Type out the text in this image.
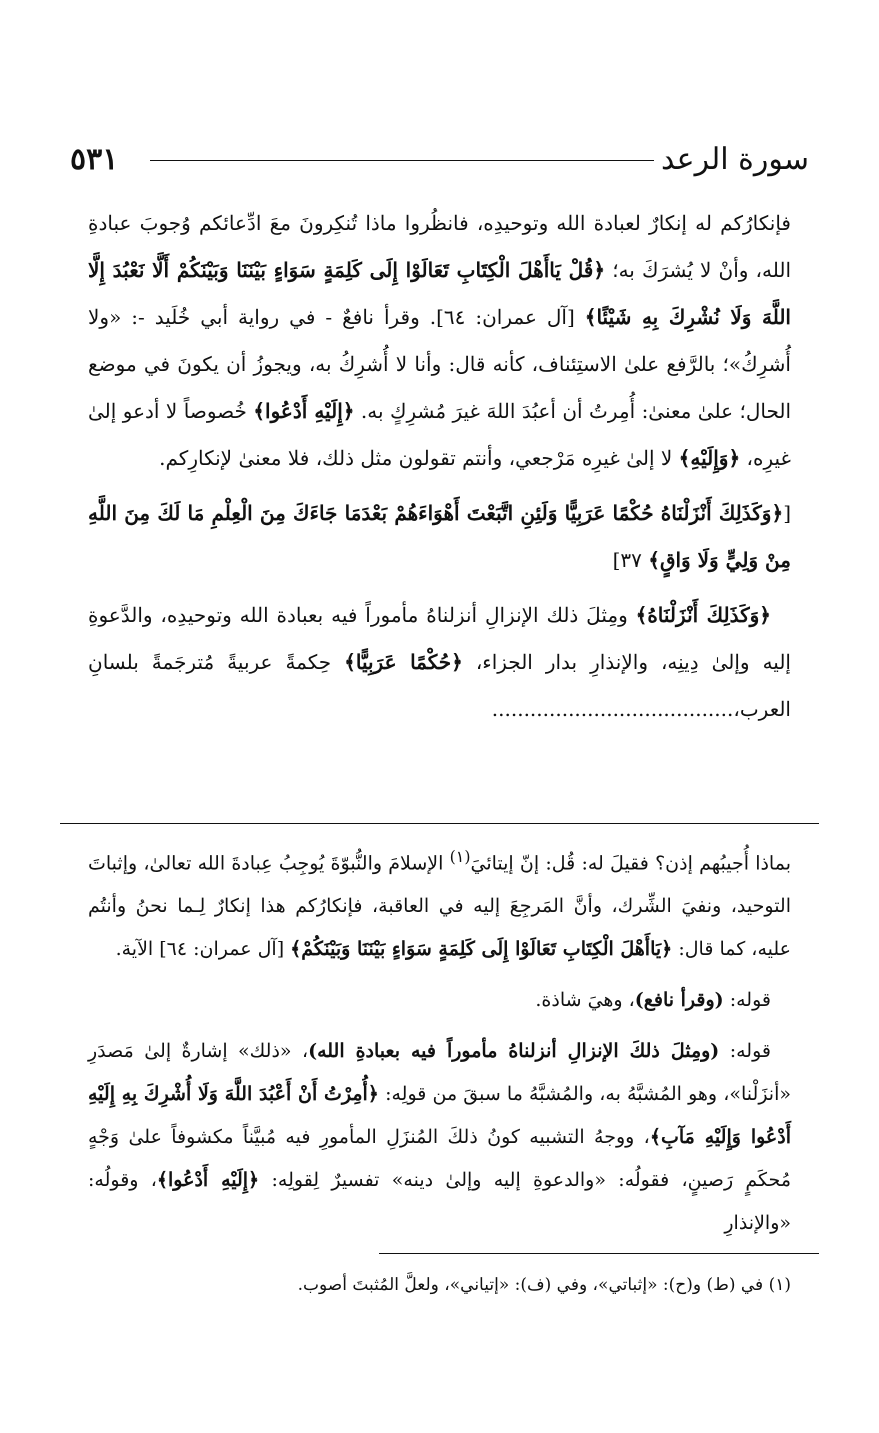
سورة الرعد
٥٣١

فإنكارُكم له إنكارٌ لعبادة الله وتوحيدِه، فانظُروا ماذا تُنكِرونَ معَ ادِّعائكم وُجوبَ عبادةِ الله، وأنْ لا يُشرَكَ به؛ ﴿قُلْ يَاأَهْلَ الْكِتَابِ تَعَالَوْا إِلَى كَلِمَةٍ سَوَاءٍ بَيْنَنَا وَبَيْنَكُمْ أَلَّا نَعْبُدَ إِلَّا اللَّهَ وَلَا نُشْرِكَ بِهِ شَيْئًا﴾ [آل عمران: ٦٤]. وقرأ نافعٌ - في رواية أبي خُلَيد -: «ولا أُشرِكُ»؛ بالرَّفع علىٰ الاستِئناف، كأنه قال: وأنا لا أُشرِكُ به، ويجوزُ أن يكونَ في موضع الحال؛ علىٰ معنىٰ: أُمِرتُ أن أعبُدَ اللهَ غيرَ مُشرِكٍ به. ﴿إِلَيْهِ أَدْعُوا﴾ خُصوصاً لا أدعو إلىٰ غيرِه، ﴿وَإِلَيْهِ﴾ لا إلىٰ غيرِه مَرْجعي، وأنتم تقولون مثل ذلك، فلا معنىٰ لإنكارِكم.

[﴿وَكَذَلِكَ أَنْزَلْنَاهُ حُكْمًا عَرَبِيًّا وَلَئِنِ اتَّبَعْتَ أَهْوَاءَهُمْ بَعْدَمَا جَاءَكَ مِنَ الْعِلْمِ مَا لَكَ مِنَ اللَّهِ مِنْ وَلِيٍّ وَلَا وَاقٍ﴾ ٣٧]

﴿وَكَذَلِكَ أَنْزَلْنَاهُ﴾ ومِثلَ ذلك الإنزالِ أنزلناهُ مأموراً فيه بعبادة الله وتوحيدِه، والدَّعوةِ إليه وإلىٰ دِينِه، والإنذارِ بدار الجزاء، ﴿حُكْمًا عَرَبِيًّا﴾ حِكمةً عربيةً مُترجَمةً بلسانِ العرب،......................................

بماذا أُجيبُهم إذن؟ فقيلَ له: قُل: إنّ إيتائيَ$^{(١)}$ الإسلامَ والنُّبوّةَ يُوجِبُ عِبادةَ الله تعالىٰ، وإثباتَ التوحيد، ونفيَ الشِّرك، وأنَّ المَرجِعَ إليه في العاقبة، فإنكارُكم هذا إنكارٌ لِـما نحنُ وأنتُم عليه، كما قال: ﴿يَاأَهْلَ الْكِتَابِ تَعَالَوْا إِلَى كَلِمَةٍ سَوَاءٍ بَيْنَنَا وَبَيْنَكُمْ﴾ [آل عمران: ٦٤] الآية.

قوله: (وقرأ نافع)، وهيَ شاذة.

قوله: (ومِثلَ ذلكَ الإنزالِ أنزلناهُ مأموراً فيه بعبادةِ الله)، «ذلك» إشارةٌ إلىٰ مَصدَرِ «أنزَلْنا»، وهو المُشبَّهُ به، والمُشبَّهُ ما سبقَ من قولِه: ﴿أُمِرْتُ أَنْ أَعْبُدَ اللَّهَ وَلَا أُشْرِكَ بِهِ إِلَيْهِ أَدْعُوا وَإِلَيْهِ مَآبِ﴾، ووجهُ التشبيه كونُ ذلكَ المُنزَلِ المأمورِ فيه مُبيَّناً مكشوفاً علىٰ وَجْهٍ مُحكَمٍ رَصينٍ، فقولُه: «والدعوةِ إليه وإلىٰ دينه» تفسيرٌ لِقولِه: ﴿إِلَيْهِ أَدْعُوا﴾، وقولُه: «والإنذارِ

(١) في (ط) و(ح): «إثباتي»، وفي (ف): «إتياني»، ولعلَّ المُثبتَ أصوب.
